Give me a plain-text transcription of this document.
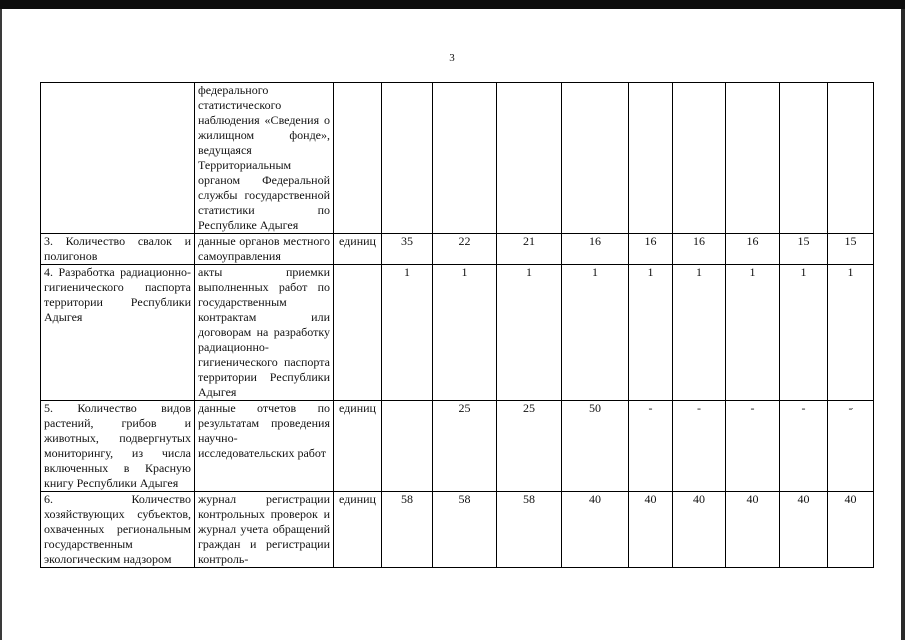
3
	федерального статистического наблюдения «Сведения о жилищном фонде», ведущаяся Территориальным органом Федеральной службы государственной статистики по Республике Адыгея										
3. Количество свалок и полигонов	данные органов местного самоуправления	единиц	35	22	21	16	16	16	16	15	15
4. Разработка радиационно-гигиенического паспорта территории Республики Адыгея	акты приемки выполненных работ по государственным контрактам или договорам на разработку радиационно-гигиенического паспорта территории Республики Адыгея		1	1	1	1	1	1	1	1	1
5. Количество видов растений, грибов и животных, подвергнутых мониторингу, из числа включенных в Красную книгу Республики Адыгея	данные отчетов по результатам проведения научно-исследовательских работ	единиц		25	25	50	-	-	-	-	-
6. Количество хозяйствующих субъектов, охваченных региональным государственным экологическим надзором	журнал регистрации контрольных проверок и журнал учета обращений граждан и регистрации контроль-	единиц	58	58	58	40	40	40	40	40	40
